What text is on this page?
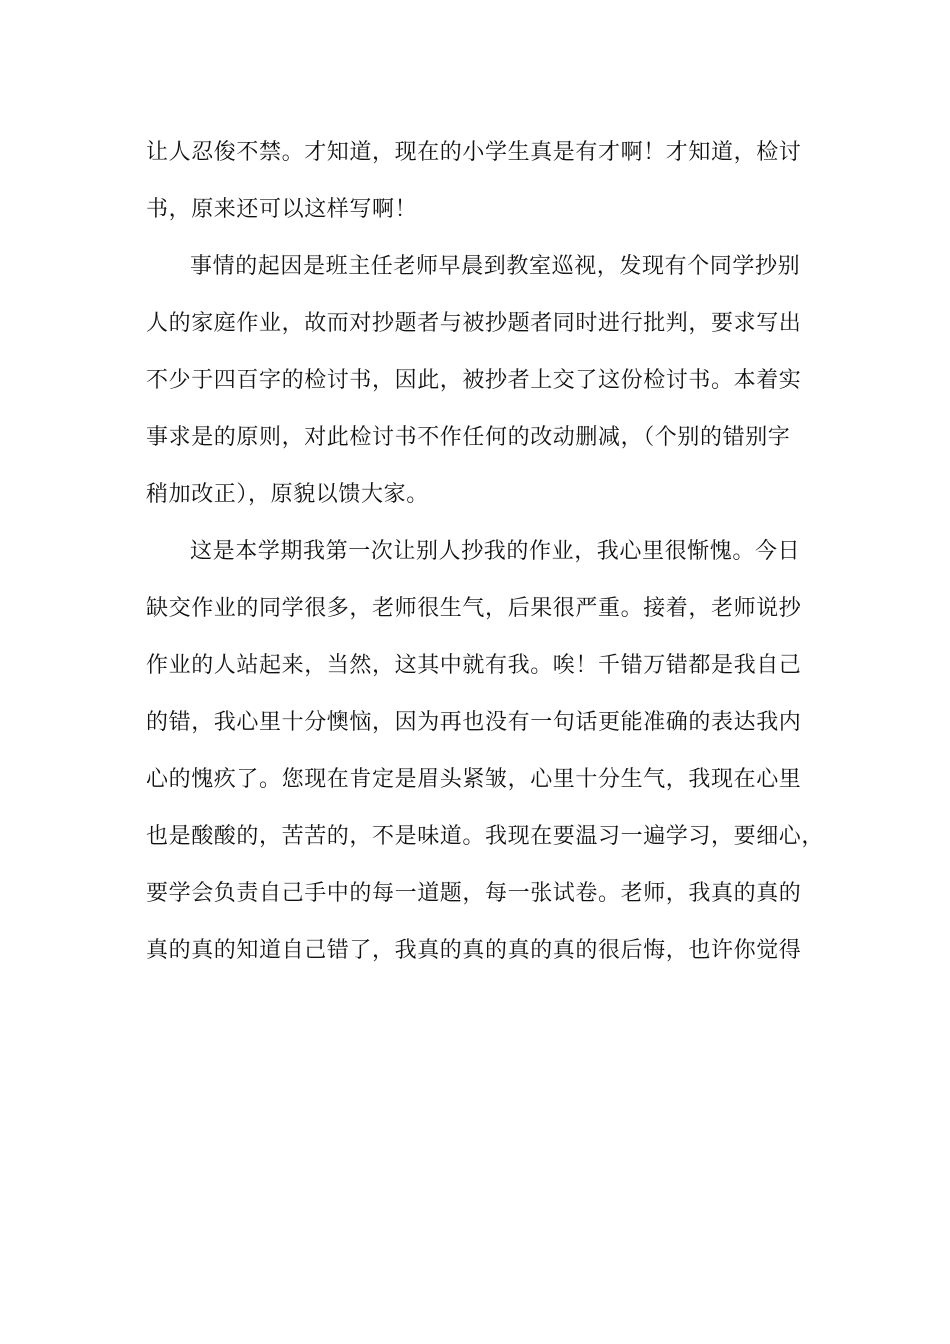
让人忍俊不禁。才知道，现在的小学生真是有才啊！才知道，检讨
书，原来还可以这样写啊！
事情的起因是班主任老师早晨到教室巡视，发现有个同学抄别
人的家庭作业，故而对抄题者与被抄题者同时进行批判，要求写出
不少于四百字的检讨书，因此，被抄者上交了这份检讨书。本着实
事求是的原则，对此检讨书不作任何的改动删减，（个别的错别字
稍加改正），原貌以馈大家。
这是本学期我第一次让别人抄我的作业，我心里很惭愧。今日
缺交作业的同学很多，老师很生气，后果很严重。接着，老师说抄
作业的人站起来，当然，这其中就有我。唉！千错万错都是我自己
的错，我心里十分懊恼，因为再也没有一句话更能准确的表达我内
心的愧疚了。您现在肯定是眉头紧皱，心里十分生气，我现在心里
也是酸酸的，苦苦的，不是味道。我现在要温习一遍学习，要细心，
要学会负责自己手中的每一道题，每一张试卷。老师，我真的真的
真的真的知道自己错了，我真的真的真的真的很后悔，也许你觉得
